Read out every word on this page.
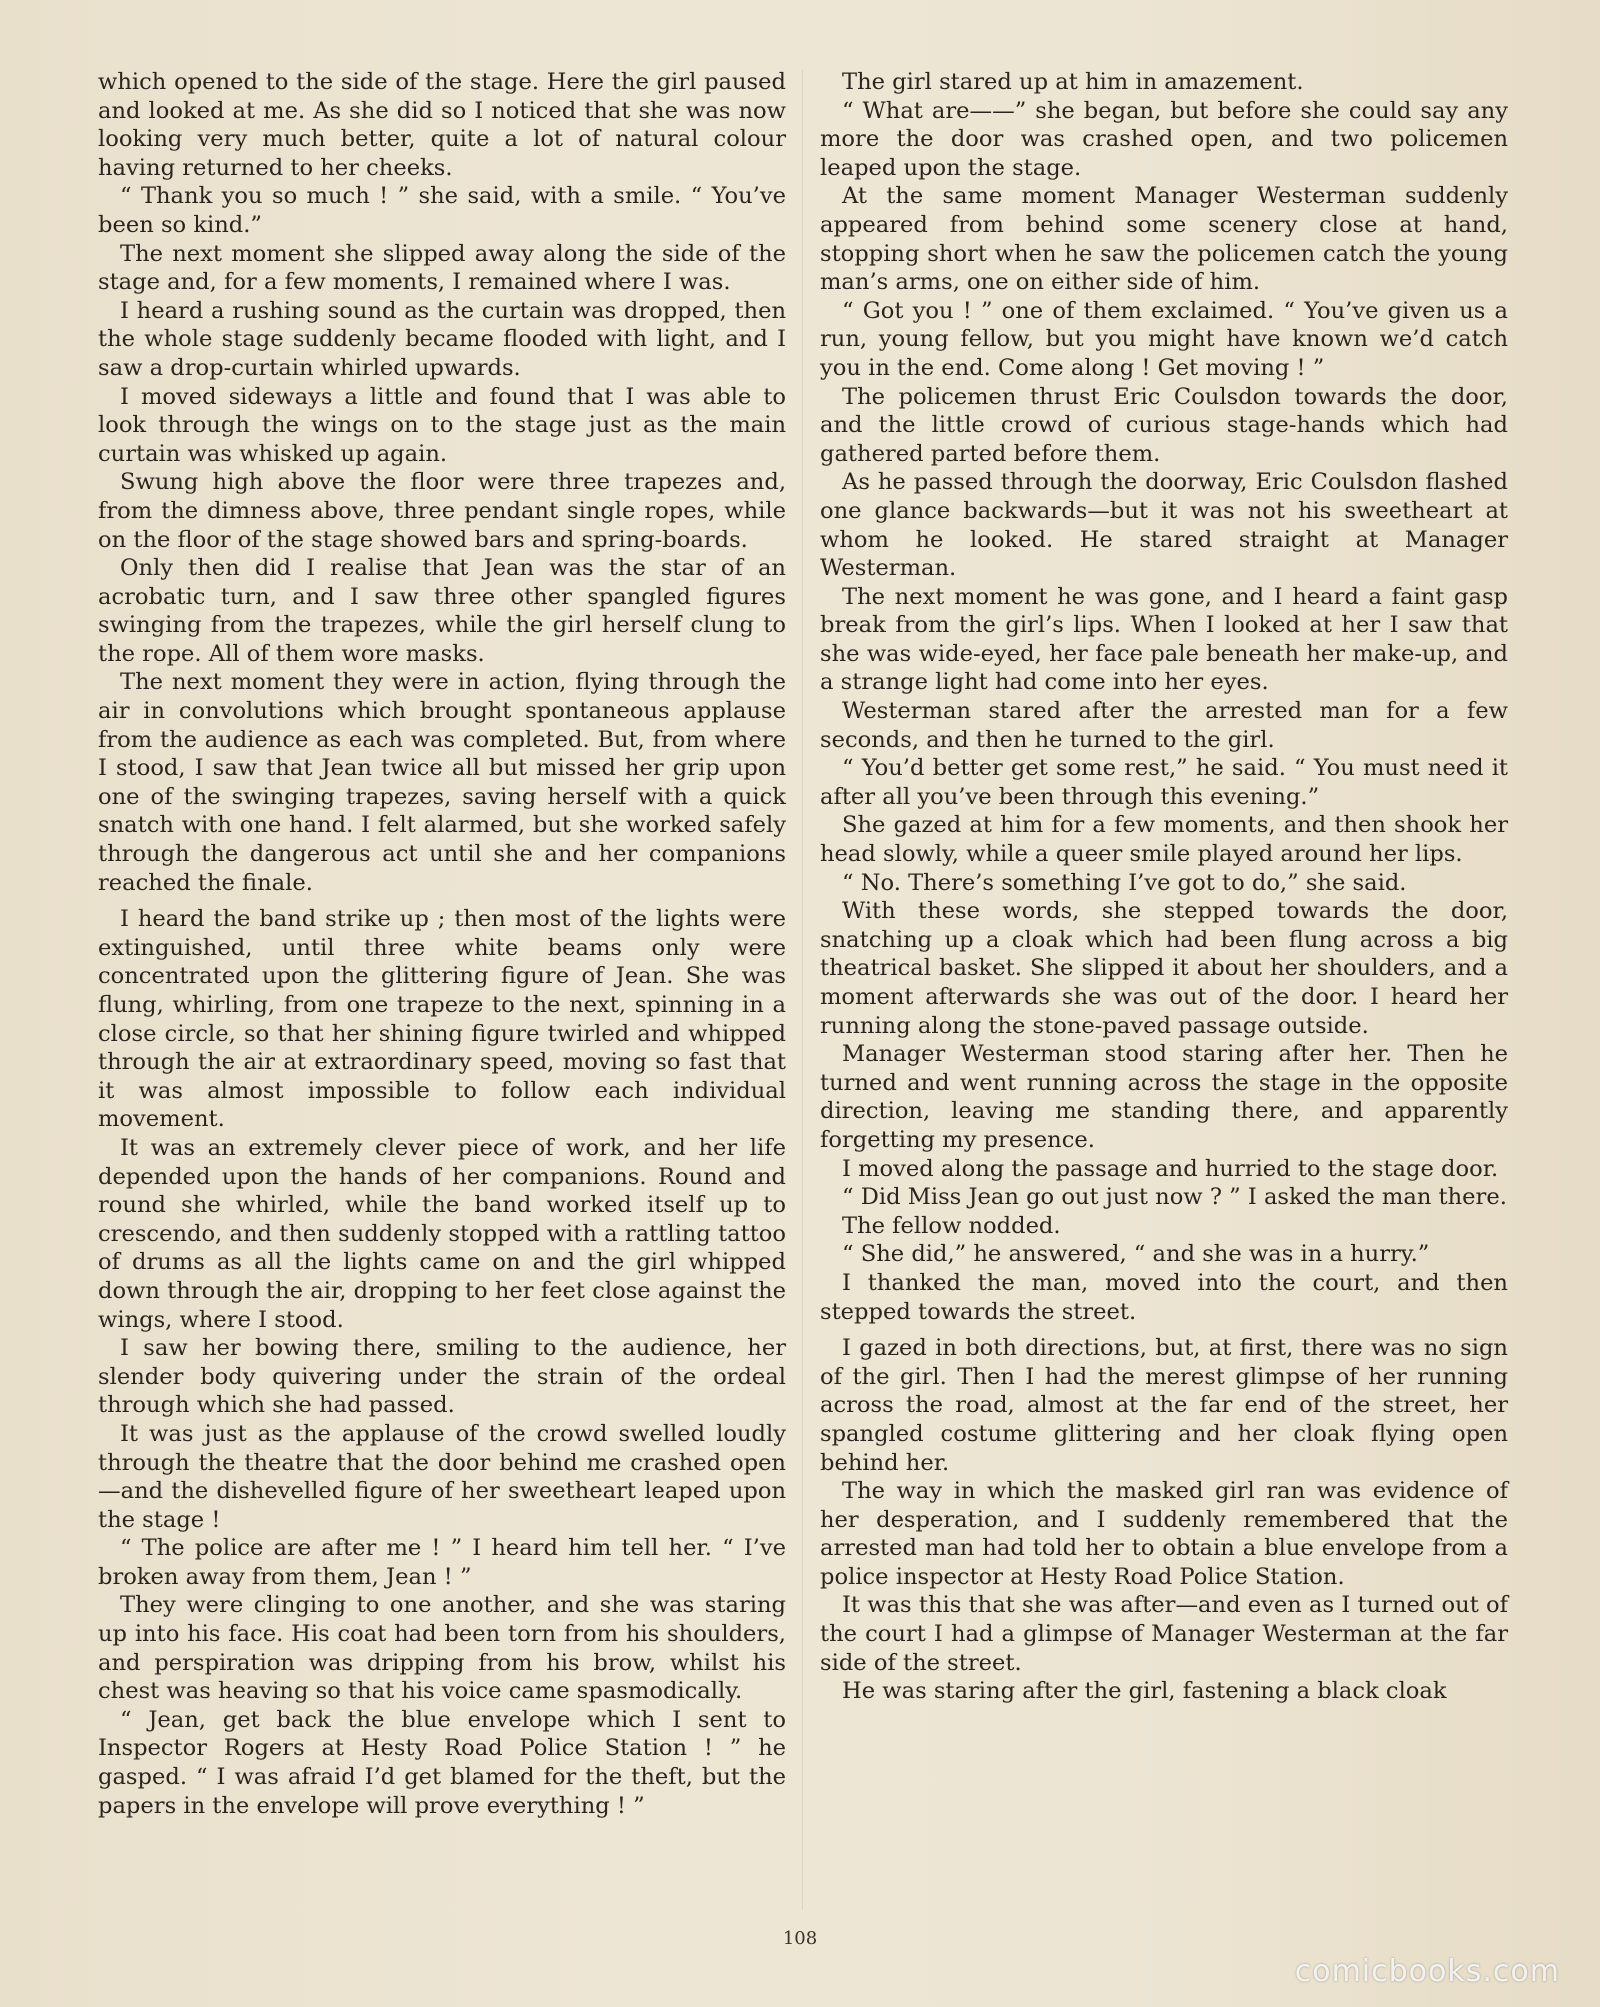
which opened to the side of the stage. Here the girl paused and looked at me. As she did so I noticed that she was now looking very much better, quite a lot of natural colour having returned to her cheeks.

“ Thank you so much ! ” she said, with a smile. “ You’ve been so kind.”

The next moment she slipped away along the side of the stage and, for a few moments, I remained where I was.

I heard a rushing sound as the curtain was dropped, then the whole stage suddenly became flooded with light, and I saw a drop-curtain whirled upwards.

I moved sideways a little and found that I was able to look through the wings on to the stage just as the main curtain was whisked up again.

Swung high above the floor were three trapezes and, from the dimness above, three pendant single ropes, while on the floor of the stage showed bars and spring-boards.

Only then did I realise that Jean was the star of an acrobatic turn, and I saw three other spangled figures swinging from the trapezes, while the girl herself clung to the rope. All of them wore masks.

The next moment they were in action, flying through the air in convolutions which brought spontaneous applause from the audience as each was completed. But, from where I stood, I saw that Jean twice all but missed her grip upon one of the swinging trapezes, saving herself with a quick snatch with one hand. I felt alarmed, but she worked safely through the dangerous act until she and her companions reached the finale.

I heard the band strike up ; then most of the lights were extinguished, until three white beams only were concentrated upon the glittering figure of Jean. She was flung, whirling, from one trapeze to the next, spinning in a close circle, so that her shining figure twirled and whipped through the air at extraordinary speed, moving so fast that it was almost impossible to follow each individual movement.

It was an extremely clever piece of work, and her life depended upon the hands of her companions. Round and round she whirled, while the band worked itself up to crescendo, and then suddenly stopped with a rattling tattoo of drums as all the lights came on and the girl whipped down through the air, dropping to her feet close against the wings, where I stood.

I saw her bowing there, smiling to the audience, her slender body quivering under the strain of the ordeal through which she had passed.

It was just as the applause of the crowd swelled loudly through the theatre that the door behind me crashed open—and the dishevelled figure of her sweetheart leaped upon the stage !

“ The police are after me ! ” I heard him tell her. “ I’ve broken away from them, Jean ! ”

They were clinging to one another, and she was staring up into his face. His coat had been torn from his shoulders, and perspiration was dripping from his brow, whilst his chest was heaving so that his voice came spasmodically.

“ Jean, get back the blue envelope which I sent to Inspector Rogers at Hesty Road Police Station ! ” he gasped. “ I was afraid I’d get blamed for the theft, but the papers in the envelope will prove everything ! ”

The girl stared up at him in amazement.

“ What are——” she began, but before she could say any more the door was crashed open, and two policemen leaped upon the stage.

At the same moment Manager Westerman suddenly appeared from behind some scenery close at hand, stopping short when he saw the policemen catch the young man’s arms, one on either side of him.

“ Got you ! ” one of them exclaimed. “ You’ve given us a run, young fellow, but you might have known we’d catch you in the end. Come along ! Get moving ! ”

The policemen thrust Eric Coulsdon towards the door, and the little crowd of curious stage-hands which had gathered parted before them.

As he passed through the doorway, Eric Coulsdon flashed one glance backwards—but it was not his sweetheart at whom he looked. He stared straight at Manager Westerman.

The next moment he was gone, and I heard a faint gasp break from the girl’s lips. When I looked at her I saw that she was wide-eyed, her face pale beneath her make-up, and a strange light had come into her eyes.

Westerman stared after the arrested man for a few seconds, and then he turned to the girl.

“ You’d better get some rest,” he said. “ You must need it after all you’ve been through this evening.”

She gazed at him for a few moments, and then shook her head slowly, while a queer smile played around her lips.

“ No. There’s something I’ve got to do,” she said.

With these words, she stepped towards the door, snatching up a cloak which had been flung across a big theatrical basket. She slipped it about her shoulders, and a moment afterwards she was out of the door. I heard her running along the stone-paved passage outside.

Manager Westerman stood staring after her. Then he turned and went running across the stage in the opposite direction, leaving me standing there, and apparently forgetting my presence.

I moved along the passage and hurried to the stage door.

“ Did Miss Jean go out just now ? ” I asked the man there.

The fellow nodded.

“ She did,” he answered, “ and she was in a hurry.”

I thanked the man, moved into the court, and then stepped towards the street.

I gazed in both directions, but, at first, there was no sign of the girl. Then I had the merest glimpse of her running across the road, almost at the far end of the street, her spangled costume glittering and her cloak flying open behind her.

The way in which the masked girl ran was evidence of her desperation, and I suddenly remembered that the arrested man had told her to obtain a blue envelope from a police inspector at Hesty Road Police Station.

It was this that she was after—and even as I turned out of the court I had a glimpse of Manager Westerman at the far side of the street.

He was staring after the girl, fastening a black cloak

108
comicbooks.com
